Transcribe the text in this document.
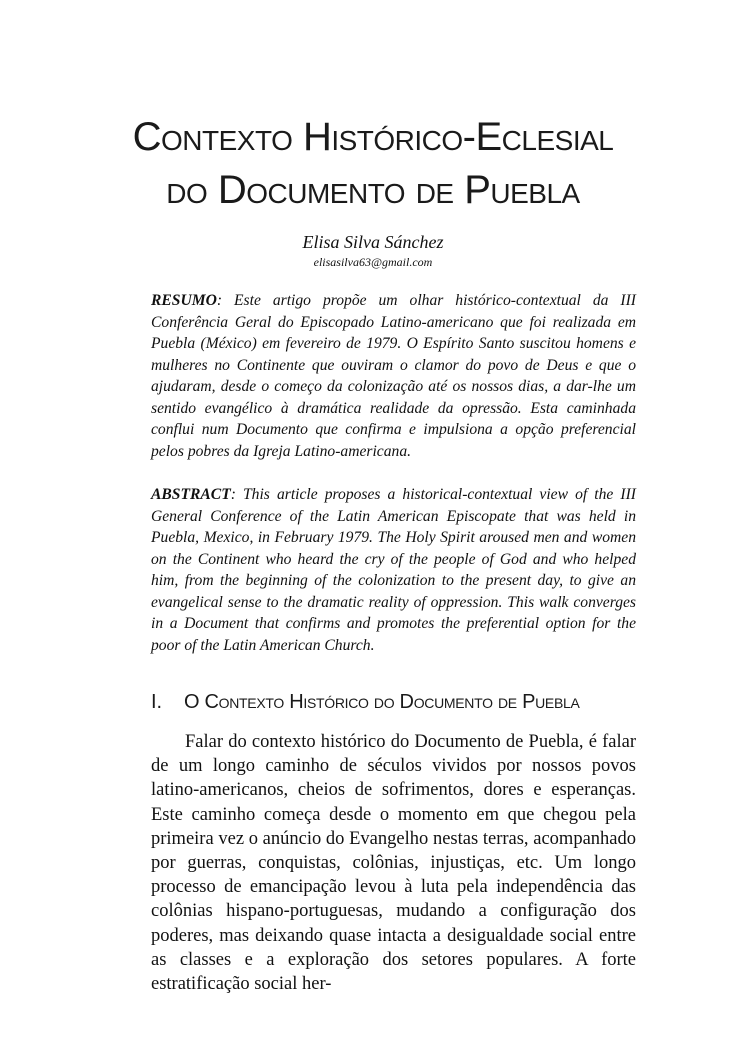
Contexto Histórico-Eclesial
do Documento de Puebla
Elisa Silva Sánchez
elisasilva63@gmail.com
RESUMO: Este artigo propõe um olhar histórico-contextual da III Conferência Geral do Episcopado Latino-americano que foi realizada em Puebla (México) em fevereiro de 1979. O Espírito Santo suscitou homens e mulheres no Continente que ouviram o clamor do povo de Deus e que o ajudaram, desde o começo da colonização até os nossos dias, a dar-lhe um sentido evangélico à dramática realidade da opressão. Esta caminhada conflui num Documento que confirma e impulsiona a opção preferencial pelos pobres da Igreja Latino-americana.
ABSTRACT: This article proposes a historical-contextual view of the III General Conference of the Latin American Episcopate that was held in Puebla, Mexico, in February 1979. The Holy Spirit aroused men and women on the Continent who heard the cry of the people of God and who helped him, from the beginning of the colonization to the present day, to give an evangelical sense to the dramatic reality of oppression. This walk converges in a Document that confirms and promotes the preferential option for the poor of the Latin American Church.
I. O Contexto Histórico do Documento de Puebla
Falar do contexto histórico do Documento de Puebla, é falar de um longo caminho de séculos vividos por nossos povos latino-americanos, cheios de sofrimentos, dores e esperanças. Este caminho começa desde o momento em que chegou pela primeira vez o anúncio do Evangelho nestas terras, acompanhado por guerras, conquistas, colônias, injustiças, etc. Um longo processo de emancipação levou à luta pela independência das colônias hispano-portuguesas, mudando a configuração dos poderes, mas deixando quase intacta a desigualdade social entre as classes e a exploração dos setores populares. A forte estratificação social her-
